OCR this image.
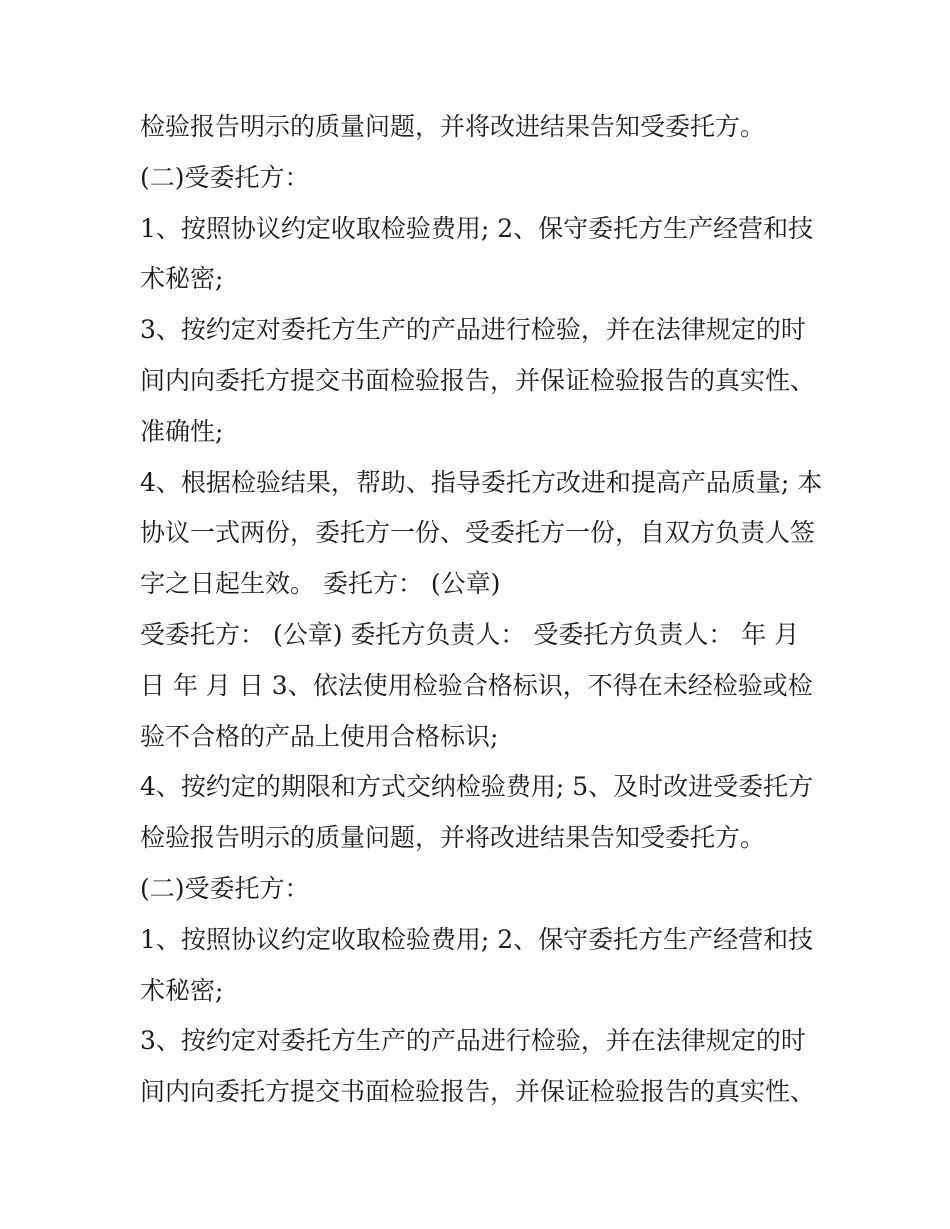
检验报告明示的质量问题，并将改进结果告知受委托方。
(二)受委托方：
1、按照协议约定收取检验费用; 2、保守委托方生产经营和技
术秘密;
3、按约定对委托方生产的产品进行检验，并在法律规定的时
间内向委托方提交书面检验报告，并保证检验报告的真实性、
准确性;
4、根据检验结果，帮助、指导委托方改进和提高产品质量; 本
协议一式两份，委托方一份、受委托方一份，自双方负责人签
字之日起生效。 委托方： (公章)
受委托方： (公章) 委托方负责人： 受委托方负责人： 年 月
日 年 月 日 3、依法使用检验合格标识，不得在未经检验或检
验不合格的产品上使用合格标识;
4、按约定的期限和方式交纳检验费用; 5、及时改进受委托方
检验报告明示的质量问题，并将改进结果告知受委托方。
(二)受委托方：
1、按照协议约定收取检验费用; 2、保守委托方生产经营和技
术秘密;
3、按约定对委托方生产的产品进行检验，并在法律规定的时
间内向委托方提交书面检验报告，并保证检验报告的真实性、
